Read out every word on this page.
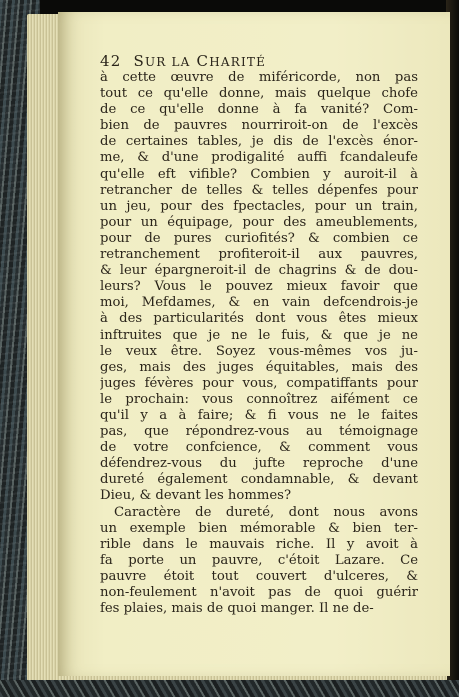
42 SUR LA CHARITÉ
à cette œuvre de miféricorde, non pas
tout ce qu'elle donne, mais quelque chofe
de ce qu'elle donne à fa vanité? Com-
bien de pauvres nourriroit-on de l'excès
de certaines tables, je dis de l'excès énor-
me, & d'une prodigalité auffi fcandaleufe
qu'elle eft vifible? Combien y auroit-il à
retrancher de telles & telles dépenfes pour
un jeu, pour des fpectacles, pour un train,
pour un équipage, pour des ameublements,
pour de pures curiofités? & combien ce
retranchement profiteroit-il aux pauvres,
& leur épargneroit-il de chagrins & de dou-
leurs? Vous le pouvez mieux favoir que
moi, Mefdames, & en vain defcendrois-je
à des particularités dont vous êtes mieux
inftruites que je ne le fuis, & que je ne
le veux être. Soyez vous-mêmes vos ju-
ges, mais des juges équitables, mais des
juges févères pour vous, compatiffants pour
le prochain: vous connoîtrez aifément ce
qu'il y a à faire; & fi vous ne le faites
pas, que répondrez-vous au témoignage
de votre confcience, & comment vous
défendrez-vous du jufte reproche d'une
dureté également condamnable, & devant
Dieu, & devant les hommes?
Caractère de dureté, dont nous avons
un exemple bien mémorable & bien ter-
rible dans le mauvais riche. Il y avoit à
fa porte un pauvre, c'étoit Lazare. Ce
pauvre étoit tout couvert d'ulceres, &
non-feulement n'avoit pas de quoi guérir
fes plaies, mais de quoi manger. Il ne de-
